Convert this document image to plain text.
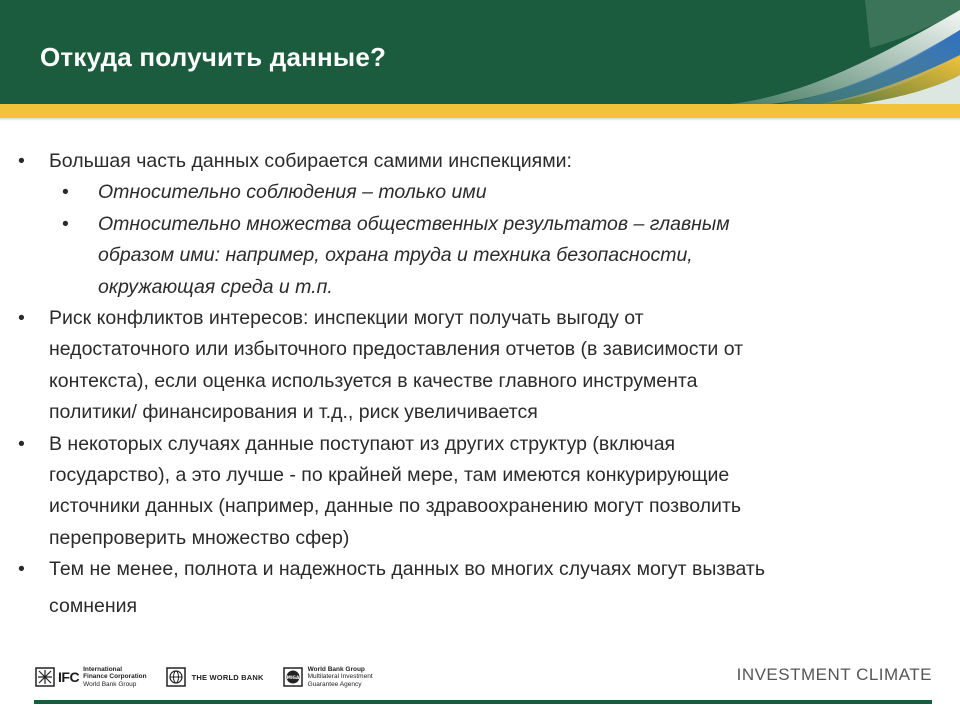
Откуда получить данные?

• Большая часть данных собирается самими инспекциями:

• Относительно соблюдения – только ими

• Относительно множества общественных результатов – главным
образом ими: например, охрана труда и техника безопасности,
окружающая среда и т.п.

• Риск конфликтов интересов: инспекции могут получать выгоду от
недостаточного или избыточного предоставления отчетов (в зависимости от
контекста), если оценка используется в качестве главного инструмента
политики/ финансирования и т.д., риск увеличивается

• В некоторых случаях данные поступают из других структур (включая
государство), а это лучше - по крайней мере, там имеются конкурирующие
источники данных (например, данные по здравоохранению могут позволить
перепроверить множество сфер)

• Тем не менее, полнота и надежность данных во многих случаях могут вызвать

сомнения

IFC International
Finance Corporation
World Bank Group
THE WORLD BANK	MIGA
World Bank Group
Multilateral Investment
Guarantee Agency
INVESTMENT CLIMATE
